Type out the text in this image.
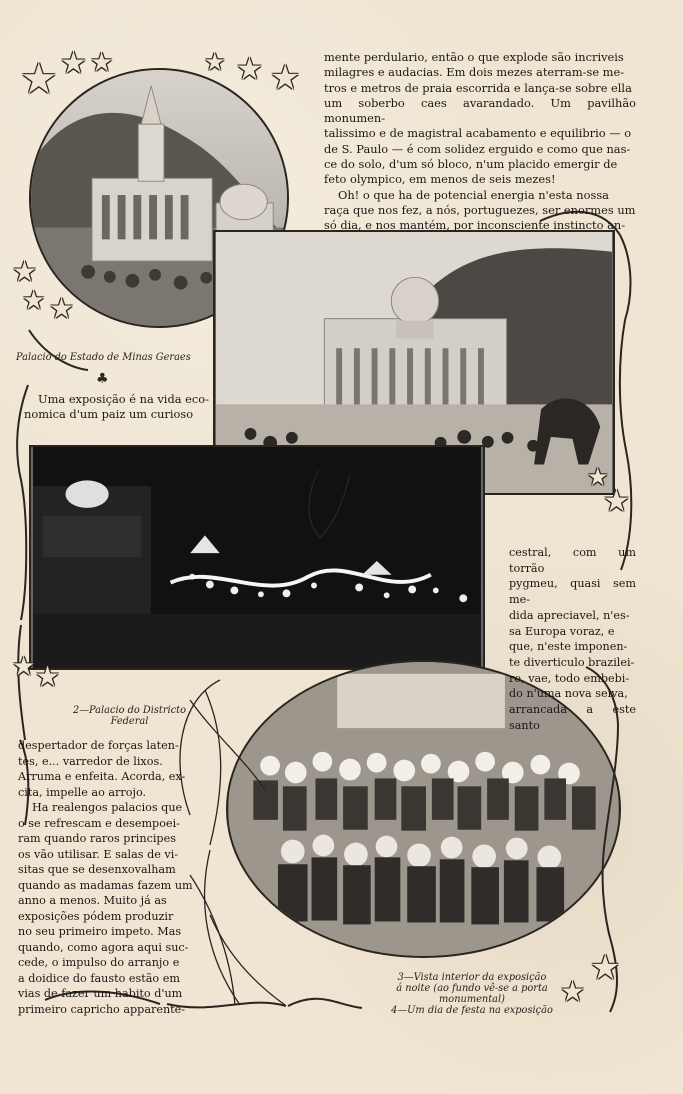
★ ★ ★	★ ★ ★
★
★ ★
★
★
★ ★
★
★

mente perdulario, então o que explode são incriveis

milagres e audacias. Em dois mezes aterram-se me-

tros e metros de praia escorrida e lança-se sobre ella

um soberbo caes avarandado. Um pavilhão monumen-

talissimo e de magistral acabamento e equilibrio — o

de S. Paulo — é com solidez erguido e como que nas-

ce do solo, d'um só bloco, n'um placido emergir de

feto olympico, em menos de seis mezes!

Oh! o que ha de potencial energia n'esta nossa

raça que nos fez, a nós, portuguezes, ser enormes um

só dia, e nos mantém, por inconsciente instincto an-

Palacio do Estado de Minas Geraes
♣

Uma exposição é na vida eco-

nomica d'um paiz um curioso

cestral, com um torrão

pygmeu, quasi sem me-

dida apreciavel, n'es-

sa Europa voraz, e

que, n'este imponen-

te diverticulo brazilei-

ro, vae, todo embebi-

do n'uma nova seiva,

arrancada a este santo

2—Palacio do Districto
Federal

despertador de forças laten-

tes, e... varredor de lixos.

Arruma e enfeita. Acorda, ex-

cita, impelle ao arrojo.

Ha realengos palacios que

o se refrescam e desempoei-

ram quando raros principes

os vão utilisar. E salas de vi-

sitas que se desenxovalham

quando as madamas fazem um

anno a menos. Muito já as

exposições pódem produzir

no seu primeiro impeto. Mas

quando, como agora aqui suc-

cede, o impulso do arranjo e

a doidice do fausto estão em

vias de fazer um habito d'um

primeiro capricho apparente-

3—Vista interior da exposição
á noite (ao fundo vê-se a porta
monumental)
4—Um dia de festa na exposição
